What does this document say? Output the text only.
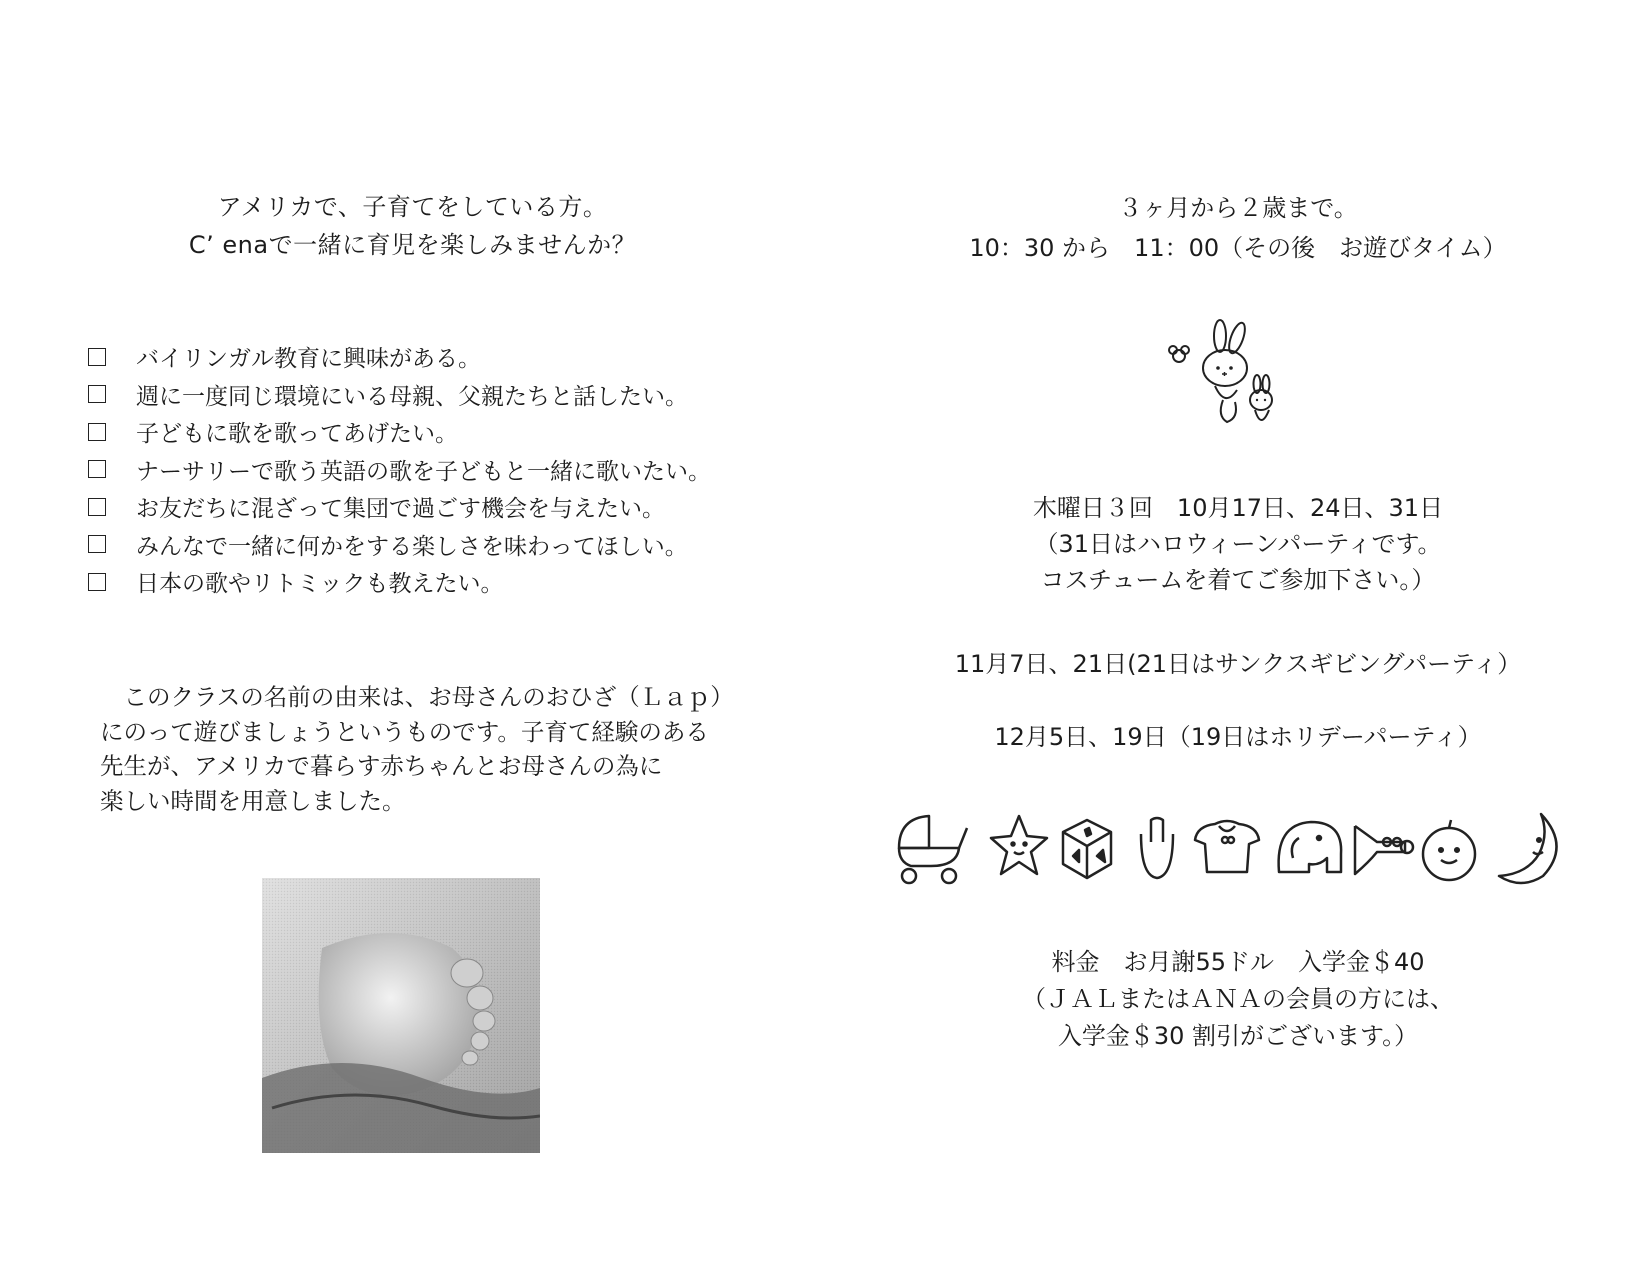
アメリカで、子育てをしている方。
C’ enaで一緒に育児を楽しみませんか？
バイリンガル教育に興味がある。
週に一度同じ環境にいる母親、父親たちと話したい。
子どもに歌を歌ってあげたい。
ナーサリーで歌う英語の歌を子どもと一緒に歌いたい。
お友だちに混ざって集団で過ごす機会を与えたい。
みんなで一緒に何かをする楽しさを味わってほしい。
日本の歌やリトミックも教えたい。
　このクラスの名前の由来は、お母さんのおひざ（Ｌａｐ）
にのって遊びましょうというものです。子育て経験のある
先生が、アメリカで暮らす赤ちゃんとお母さんの為に
楽しい時間を用意しました。
３ヶ月から２歳まで。
10：30 から　11：00（その後　お遊びタイム）
木曜日３回　10月17日、24日、31日
（31日はハロウィーンパーティです。
コスチュームを着てご参加下さい。）
11月7日、21日(21日はサンクスギビングパーティ）
12月5日、19日（19日はホリデーパーティ）
料金　お月謝55ドル　入学金＄40
（ＪＡＬまたはＡＮＡの会員の方には、
入学金＄30 割引がございます。）
